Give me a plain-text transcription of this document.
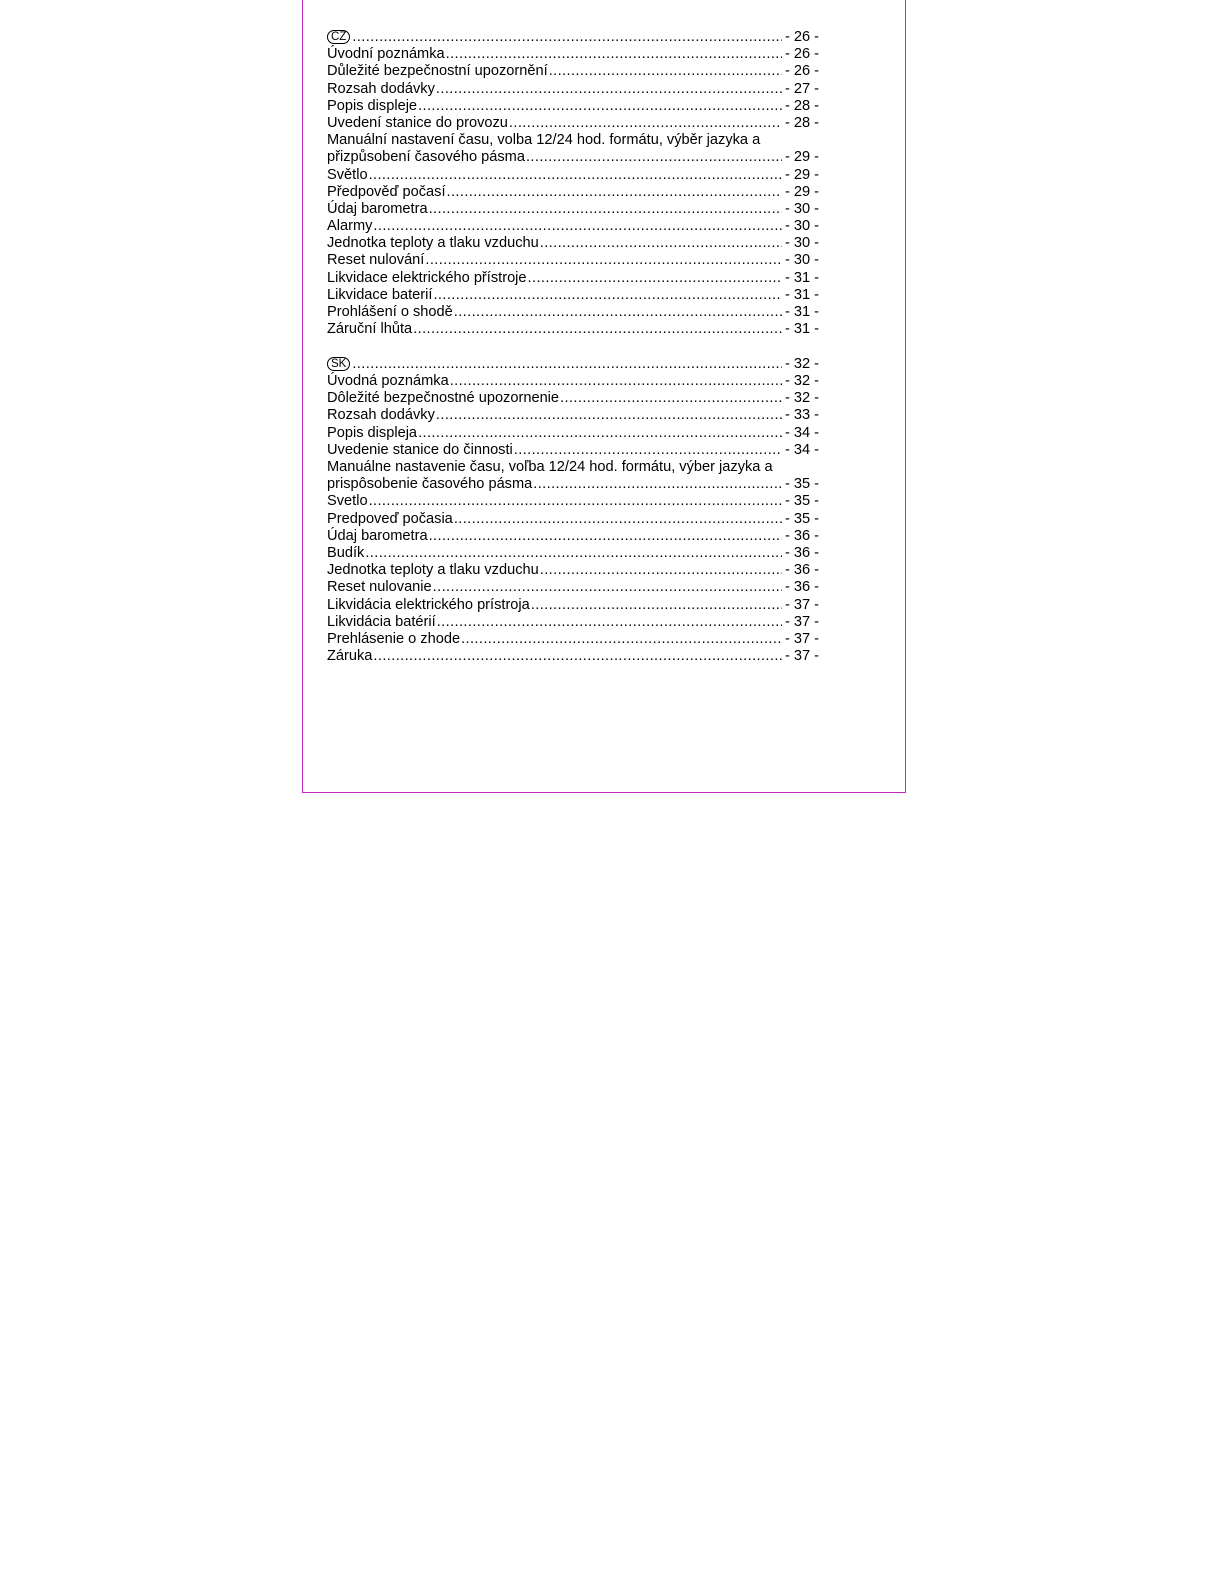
CZ .....	- 26 -
Úvodní poznámka .....	- 26 -
Důležité bezpečnostní upozornění .....	- 26 -
Rozsah dodávky .....	- 27 -
Popis displeje .....	- 28 -
Uvedení stanice do provozu .....	- 28 -
Manuální nastavení času, volba 12/24 hod. formátu, výběr jazyka a
přizpůsobení časového pásma .....	- 29 -
Světlo .....	- 29 -
Předpověď počasí .....	- 29 -
Údaj barometra .....	- 30 -
Alarmy .....	- 30 -
Jednotka teploty a tlaku vzduchu .....	- 30 -
Reset nulování .....	- 30 -
Likvidace elektrického přístroje .....	- 31 -
Likvidace baterií .....	- 31 -
Prohlášení o shodě .....	- 31 -
Záruční lhůta .....	- 31 -
SK .....	- 32 -
Úvodná poznámka .....	- 32 -
Dôležité bezpečnostné upozornenie .....	- 32 -
Rozsah dodávky .....	- 33 -
Popis displeja .....	- 34 -
Uvedenie stanice do činnosti .....	- 34 -
Manuálne nastavenie času, voľba 12/24 hod. formátu, výber jazyka a
prispôsobenie časového pásma .....	- 35 -
Svetlo .....	- 35 -
Predpoveď počasia .....	- 35 -
Údaj barometra .....	- 36 -
Budík .....	- 36 -
Jednotka teploty a tlaku vzduchu .....	- 36 -
Reset nulovanie .....	- 36 -
Likvidácia elektrického prístroja .....	- 37 -
Likvidácia batérií .....	- 37 -
Prehlásenie o zhode .....	- 37 -
Záruka .....	- 37 -
